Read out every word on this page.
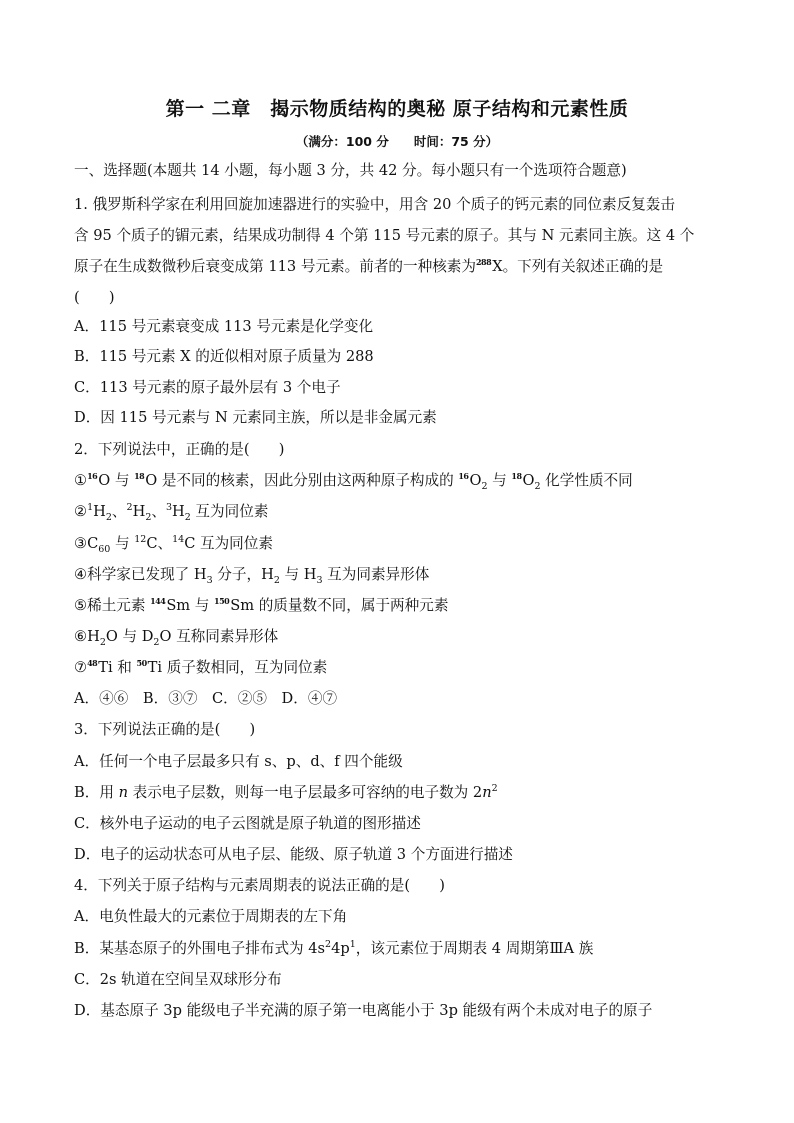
第一 二章　揭示物质结构的奥秘 原子结构和元素性质
（满分：100 分　　时间：75 分）
一、选择题(本题共 14 小题，每小题 3 分，共 42 分。每小题只有一个选项符合题意)
1. 俄罗斯科学家在利用回旋加速器进行的实验中，用含 20 个质子的钙元素的同位素反复轰击
含 95 个质子的镅元素，结果成功制得 4 个第 115 号元素的原子。其与 N 元素同主族。这 4 个
原子在生成数微秒后衰变成第 113 号元素。前者的一种核素为288X。下列有关叙述正确的是
(　　)
A．115 号元素衰变成 113 号元素是化学变化
B．115 号元素 X 的近似相对原子质量为 288
C．113 号元素的原子最外层有 3 个电子
D．因 115 号元素与 N 元素同主族，所以是非金属元素
2．下列说法中，正确的是(　　)
①16O 与 18O 是不同的核素，因此分别由这两种原子构成的 $16O_2$ 与 $18O_2$ 化学性质不同
$②^1H_2$、$^2H_2$、$^3H_2$ 互为同位素
$③C_{60}$ 与 $^{12}$C、$^{14}$C 互为同位素
④科学家已发现了 $H_3$ 分子，$H_2$ 与 $H_3$ 互为同素异形体
⑤稀土元素 144Sm 与 150Sm 的质量数不同，属于两种元素
$⑥H_2O$ 与 $D_2O$ 互称同素异形体
⑦48Ti 和 50Ti 质子数相同，互为同位素
A．④⑥　B．③⑦　C．②⑤　D．④⑦
3．下列说法正确的是(　　)
A．任何一个电子层最多只有 s、p、d、f 四个能级
B．用 n 表示电子层数，则每一电子层最多可容纳的电子数为 $2n^2$
C．核外电子运动的电子云图就是原子轨道的图形描述
D．电子的运动状态可从电子层、能级、原子轨道 3 个方面进行描述
4．下列关于原子结构与元素周期表的说法正确的是(　　)
A．电负性最大的元素位于周期表的左下角
B．某基态原子的外围电子排布式为 $4s^24p^1$，该元素位于周期表 4 周期第ⅢA 族
C．2s 轨道在空间呈双球形分布
D．基态原子 3p 能级电子半充满的原子第一电离能小于 3p 能级有两个未成对电子的原子
